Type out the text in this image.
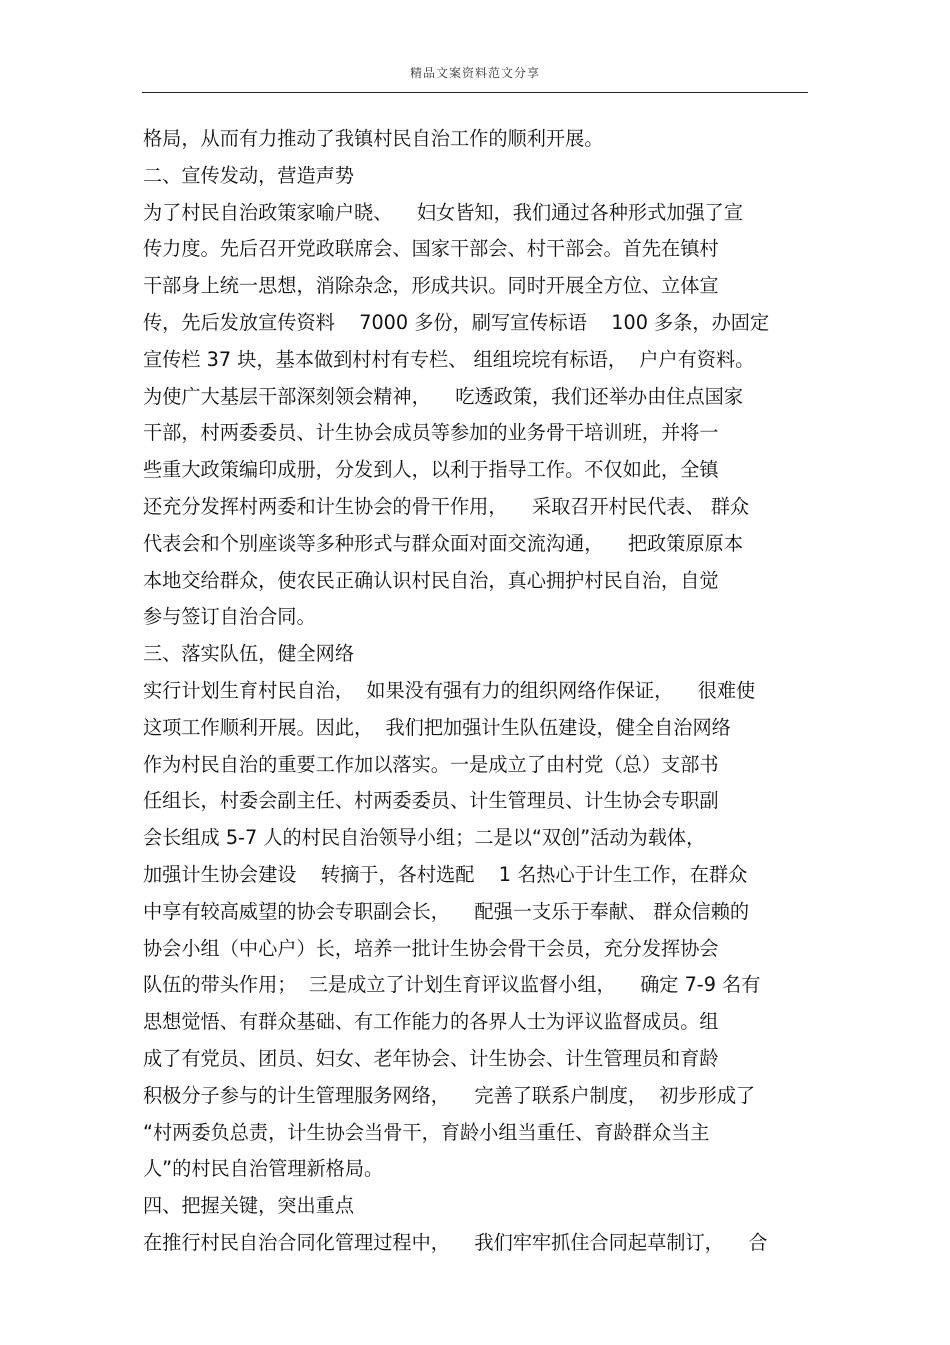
精品文案资料范文分享
格局，从而有力推动了我镇村民自治工作的顺利开展。
二、宣传发动，营造声势
为了村民自治政策家喻户晓、    妇女皆知，我们通过各种形式加强了宣
传力度。先后召开党政联席会、国家干部会、村干部会。首先在镇村
干部身上统一思想，消除杂念，形成共识。同时开展全方位、立体宣
传，先后发放宣传资料    7000 多份，刷写宣传标语    100 多条，办固定
宣传栏 37 块，基本做到村村有专栏、 组组垸垸有标语，  户户有资料。
为使广大基层干部深刻领会精神，    吃透政策，我们还举办由住点国家
干部，村两委委员、计生协会成员等参加的业务骨干培训班，并将一
些重大政策编印成册，分发到人，以利于指导工作。不仅如此，全镇
还充分发挥村两委和计生协会的骨干作用，    采取召开村民代表、 群众
代表会和个别座谈等多种形式与群众面对面交流沟通，    把政策原原本
本地交给群众，使农民正确认识村民自治，真心拥护村民自治，自觉
参与签订自治合同。
三、落实队伍，健全网络
实行计划生育村民自治，  如果没有强有力的组织网络作保证，    很难使
这项工作顺利开展。因此，  我们把加强计生队伍建设，健全自治网络
作为村民自治的重要工作加以落实。一是成立了由村党（总）支部书
任组长，村委会副主任、村两委委员、计生管理员、计生协会专职副
会长组成 5-7 人的村民自治领导小组；二是以“双创”活动为载体，
加强计生协会建设    转摘于，各村选配    1 名热心于计生工作，在群众
中享有较高威望的协会专职副会长，    配强一支乐于奉献、 群众信赖的
协会小组（中心户）长，培养一批计生协会骨干会员，充分发挥协会
队伍的带头作用；  三是成立了计划生育评议监督小组，    确定 7-9 名有
思想觉悟、有群众基础、有工作能力的各界人士为评议监督成员。组
成了有党员、团员、妇女、老年协会、计生协会、计生管理员和育龄
积极分子参与的计生管理服务网络，    完善了联系户制度，  初步形成了
“村两委负总责，计生协会当骨干，育龄小组当重任、育龄群众当主
人”的村民自治管理新格局。
四、把握关键，突出重点
在推行村民自治合同化管理过程中，    我们牢牢抓住合同起草制订，    合
